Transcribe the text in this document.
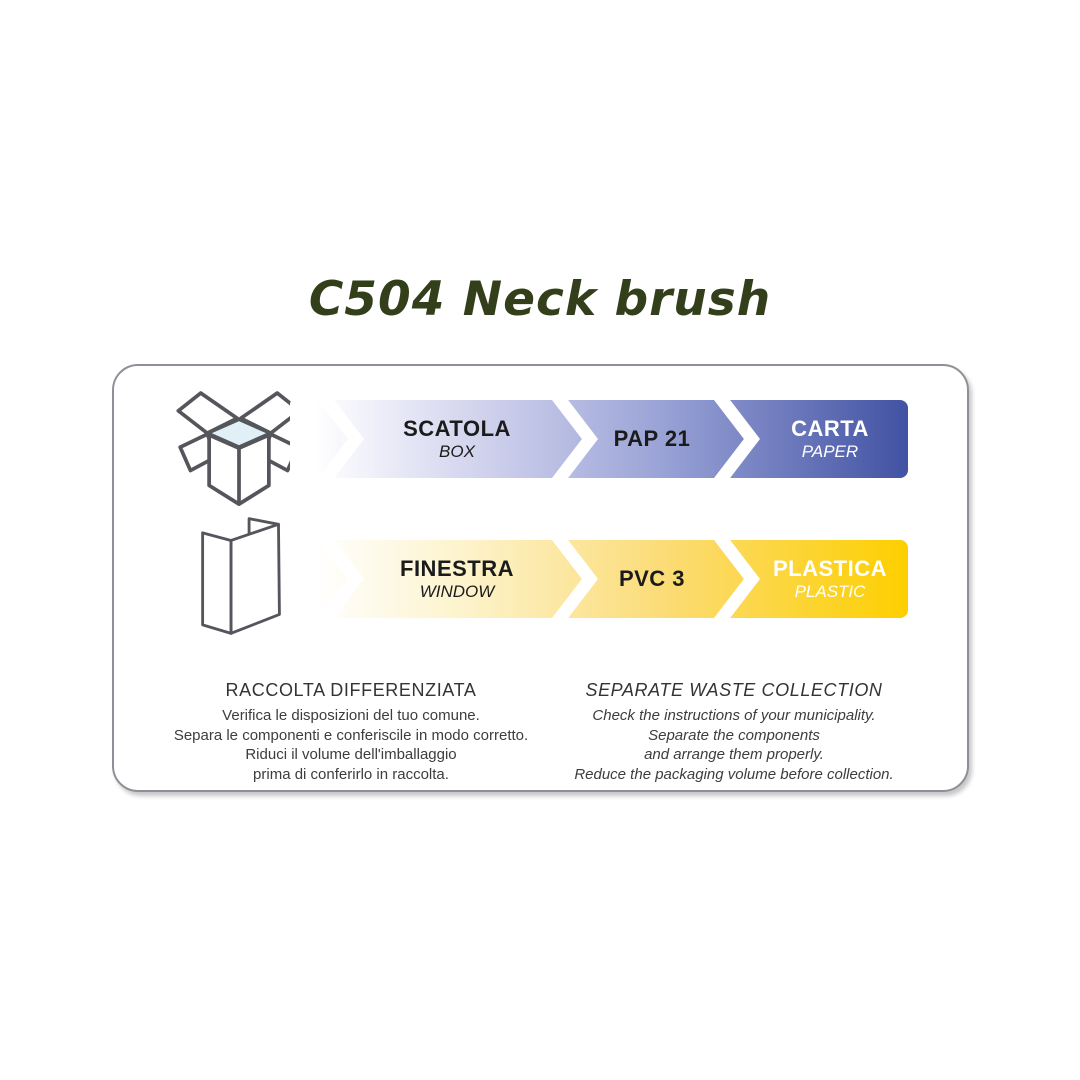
C504 Neck brush
SCATOLA
BOX
PAP 21	CARTA
PAPER
FINESTRA
WINDOW
PVC 3	PLASTICA
PLASTIC
RACCOLTA DIFFERENZIATA
Verifica le disposizioni del tuo comune.
Separa le componenti e conferiscile in modo corretto.
Riduci il volume dell'imballaggio
prima di conferirlo in raccolta.
SEPARATE WASTE COLLECTION
Check the instructions of your municipality.
Separate the components
and arrange them properly.
Reduce the packaging volume before collection.
